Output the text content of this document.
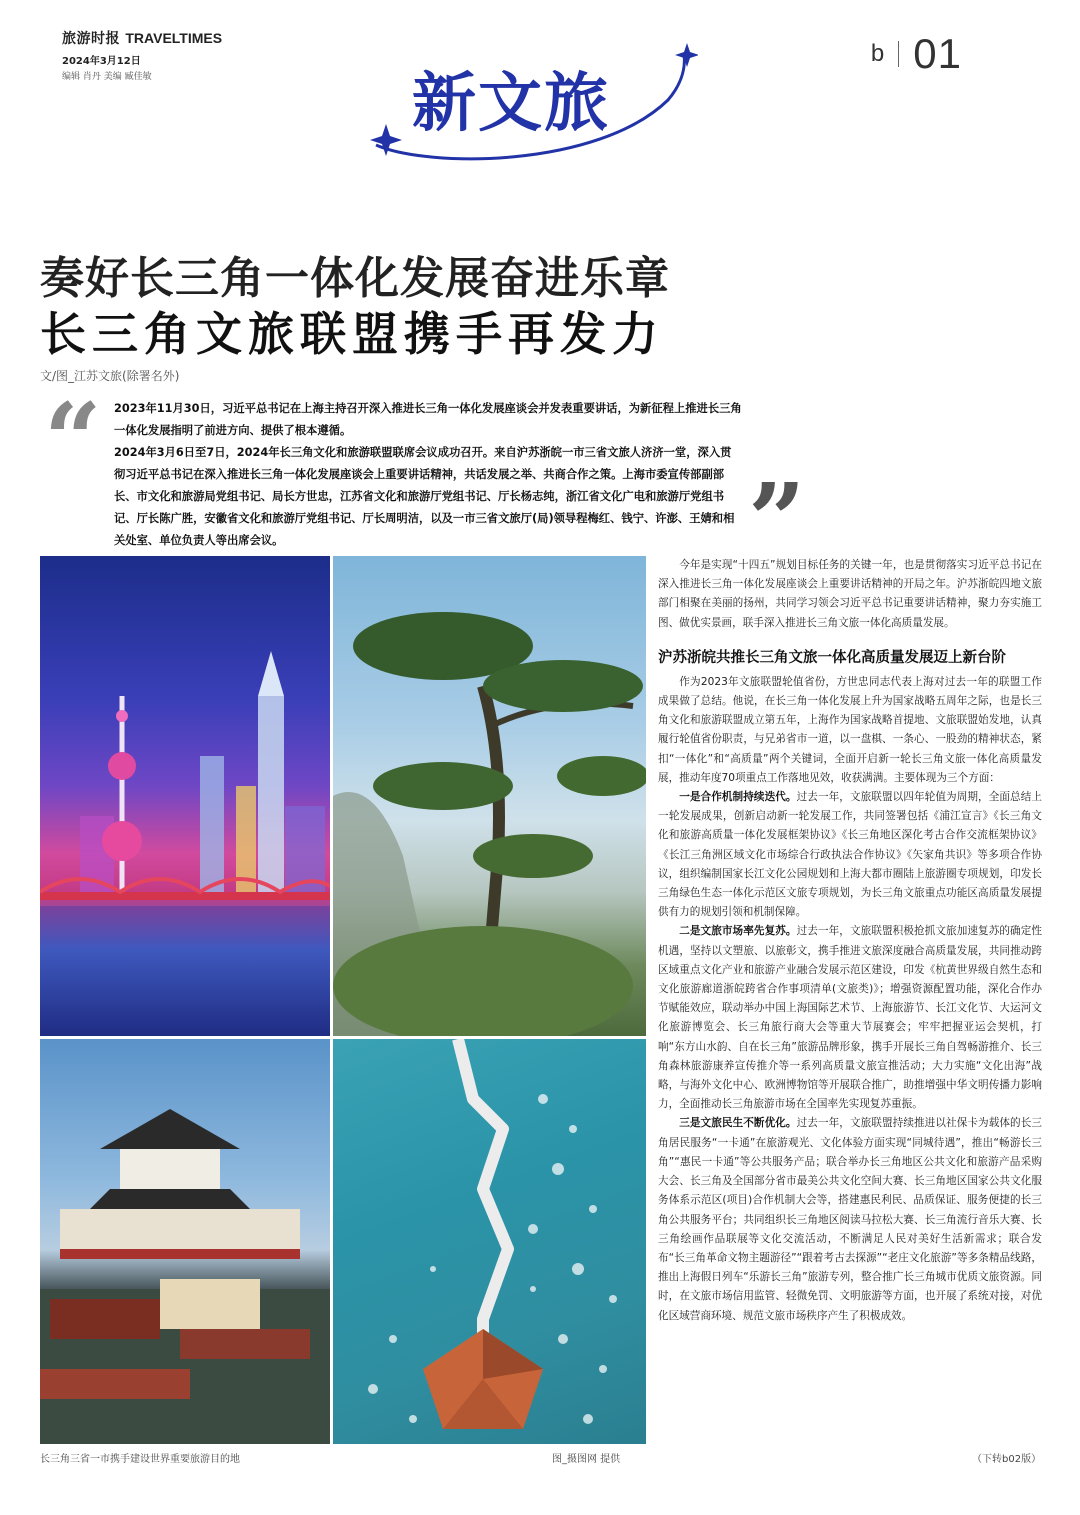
旅游时报 TRAVELTIMES
2024年3月12日
编辑 肖丹 美编 臧佳敏
b 01
新文旅
奏好长三角一体化发展奋进乐章
长三角文旅联盟携手再发力
文/图_江苏文旅(除署名外)
“ 2023年11月30日，习近平总书记在上海主持召开深入推进长三角一体化发展座谈会并发表重要讲话，为新征程上推进长三角一体化发展指明了前进方向、提供了根本遵循。

2024年3月6日至7日，2024年长三角文化和旅游联盟联席会议成功召开。来自沪苏浙皖一市三省文旅人济济一堂，深入贯彻习近平总书记在深入推进长三角一体化发展座谈会上重要讲话精神，共话发展之举、共商合作之策。上海市委宣传部副部长、市文化和旅游局党组书记、局长方世忠，江苏省文化和旅游厅党组书记、厅长杨志纯，浙江省文化广电和旅游厅党组书记、厅长陈广胜，安徽省文化和旅游厅党组书记、厅长周明洁，以及一市三省文旅厅(局)领导程梅红、钱宁、许澎、王婧和相关处室、单位负责人等出席会议。	”
长三角三省一市携手建设世界重要旅游目的地	图_摄图网 提供	（下转b02版）

今年是实现“十四五”规划目标任务的关键一年，也是贯彻落实习近平总书记在深入推进长三角一体化发展座谈会上重要讲话精神的开局之年。沪苏浙皖四地文旅部门相聚在美丽的扬州，共同学习领会习近平总书记重要讲话精神，聚力夯实施工图、做优实景画，联手深入推进长三角文旅一体化高质量发展。

沪苏浙皖共推长三角文旅一体化高质量发展迈上新台阶

作为2023年文旅联盟轮值省份，方世忠同志代表上海对过去一年的联盟工作成果做了总结。他说，在长三角一体化发展上升为国家战略五周年之际，也是长三角文化和旅游联盟成立第五年，上海作为国家战略首提地、文旅联盟始发地，认真履行轮值省份职责，与兄弟省市一道，以一盘棋、一条心、一股劲的精神状态，紧扣“一体化”和“高质量”两个关键词，全面开启新一轮长三角文旅一体化高质量发展，推动年度70项重点工作落地见效，收获满满。主要体现为三个方面：

一是合作机制持续迭代。过去一年，文旅联盟以四年轮值为周期，全面总结上一轮发展成果，创新启动新一轮发展工作，共同签署包括《浦江宣言》《长三角文化和旅游高质量一体化发展框架协议》《长三角地区深化考古合作交流框架协议》《长江三角洲区域文化市场综合行政执法合作协议》《矢家角共识》等多项合作协议，组织编制国家长江文化公园规划和上海大都市圈陆上旅游圈专项规划，印发长三角绿色生态一体化示范区文旅专项规划，为长三角文旅重点功能区高质量发展提供有力的规划引领和机制保障。

二是文旅市场率先复苏。过去一年，文旅联盟积极抢抓文旅加速复苏的确定性机遇，坚持以文塑旅、以旅彰文，携手推进文旅深度融合高质量发展，共同推动跨区域重点文化产业和旅游产业融合发展示范区建设，印发《杭黄世界级自然生态和文化旅游廊道浙皖跨省合作事项清单(文旅类)》；增强资源配置功能，深化合作办节赋能效应，联动举办中国上海国际艺术节、上海旅游节、长江文化节、大运河文化旅游博览会、长三角旅行商大会等重大节展赛会；牢牢把握亚运会契机，打响“东方山水韵、自在长三角”旅游品牌形象，携手开展长三角自驾畅游推介、长三角森林旅游康养宣传推介等一系列高质量文旅宣推活动；大力实施“文化出海”战略，与海外文化中心、欧洲博物馆等开展联合推广，助推增强中华文明传播力影响力，全面推动长三角旅游市场在全国率先实现复苏重振。

三是文旅民生不断优化。过去一年，文旅联盟持续推进以社保卡为载体的长三角居民服务“一卡通”在旅游观光、文化体验方面实现“同城待遇”，推出“畅游长三角”“惠民一卡通”等公共服务产品；联合举办长三角地区公共文化和旅游产品采购大会、长三角及全国部分省市最美公共文化空间大赛、长三角地区国家公共文化服务体系示范区(项目)合作机制大会等，搭建惠民利民、品质保证、服务便捷的长三角公共服务平台；共同组织长三角地区阅读马拉松大赛、长三角流行音乐大赛、长三角绘画作品联展等文化交流活动，不断满足人民对美好生活新需求；联合发布“长三角革命文物主题游径”“跟着考古去探源”“老庄文化旅游”等多条精品线路，推出上海假日列车“乐游长三角”旅游专列，整合推广长三角城市优质文旅资源。同时，在文旅市场信用监管、轻微免罚、文明旅游等方面，也开展了系统对接，对优化区域营商环境、规范文旅市场秩序产生了积极成效。
